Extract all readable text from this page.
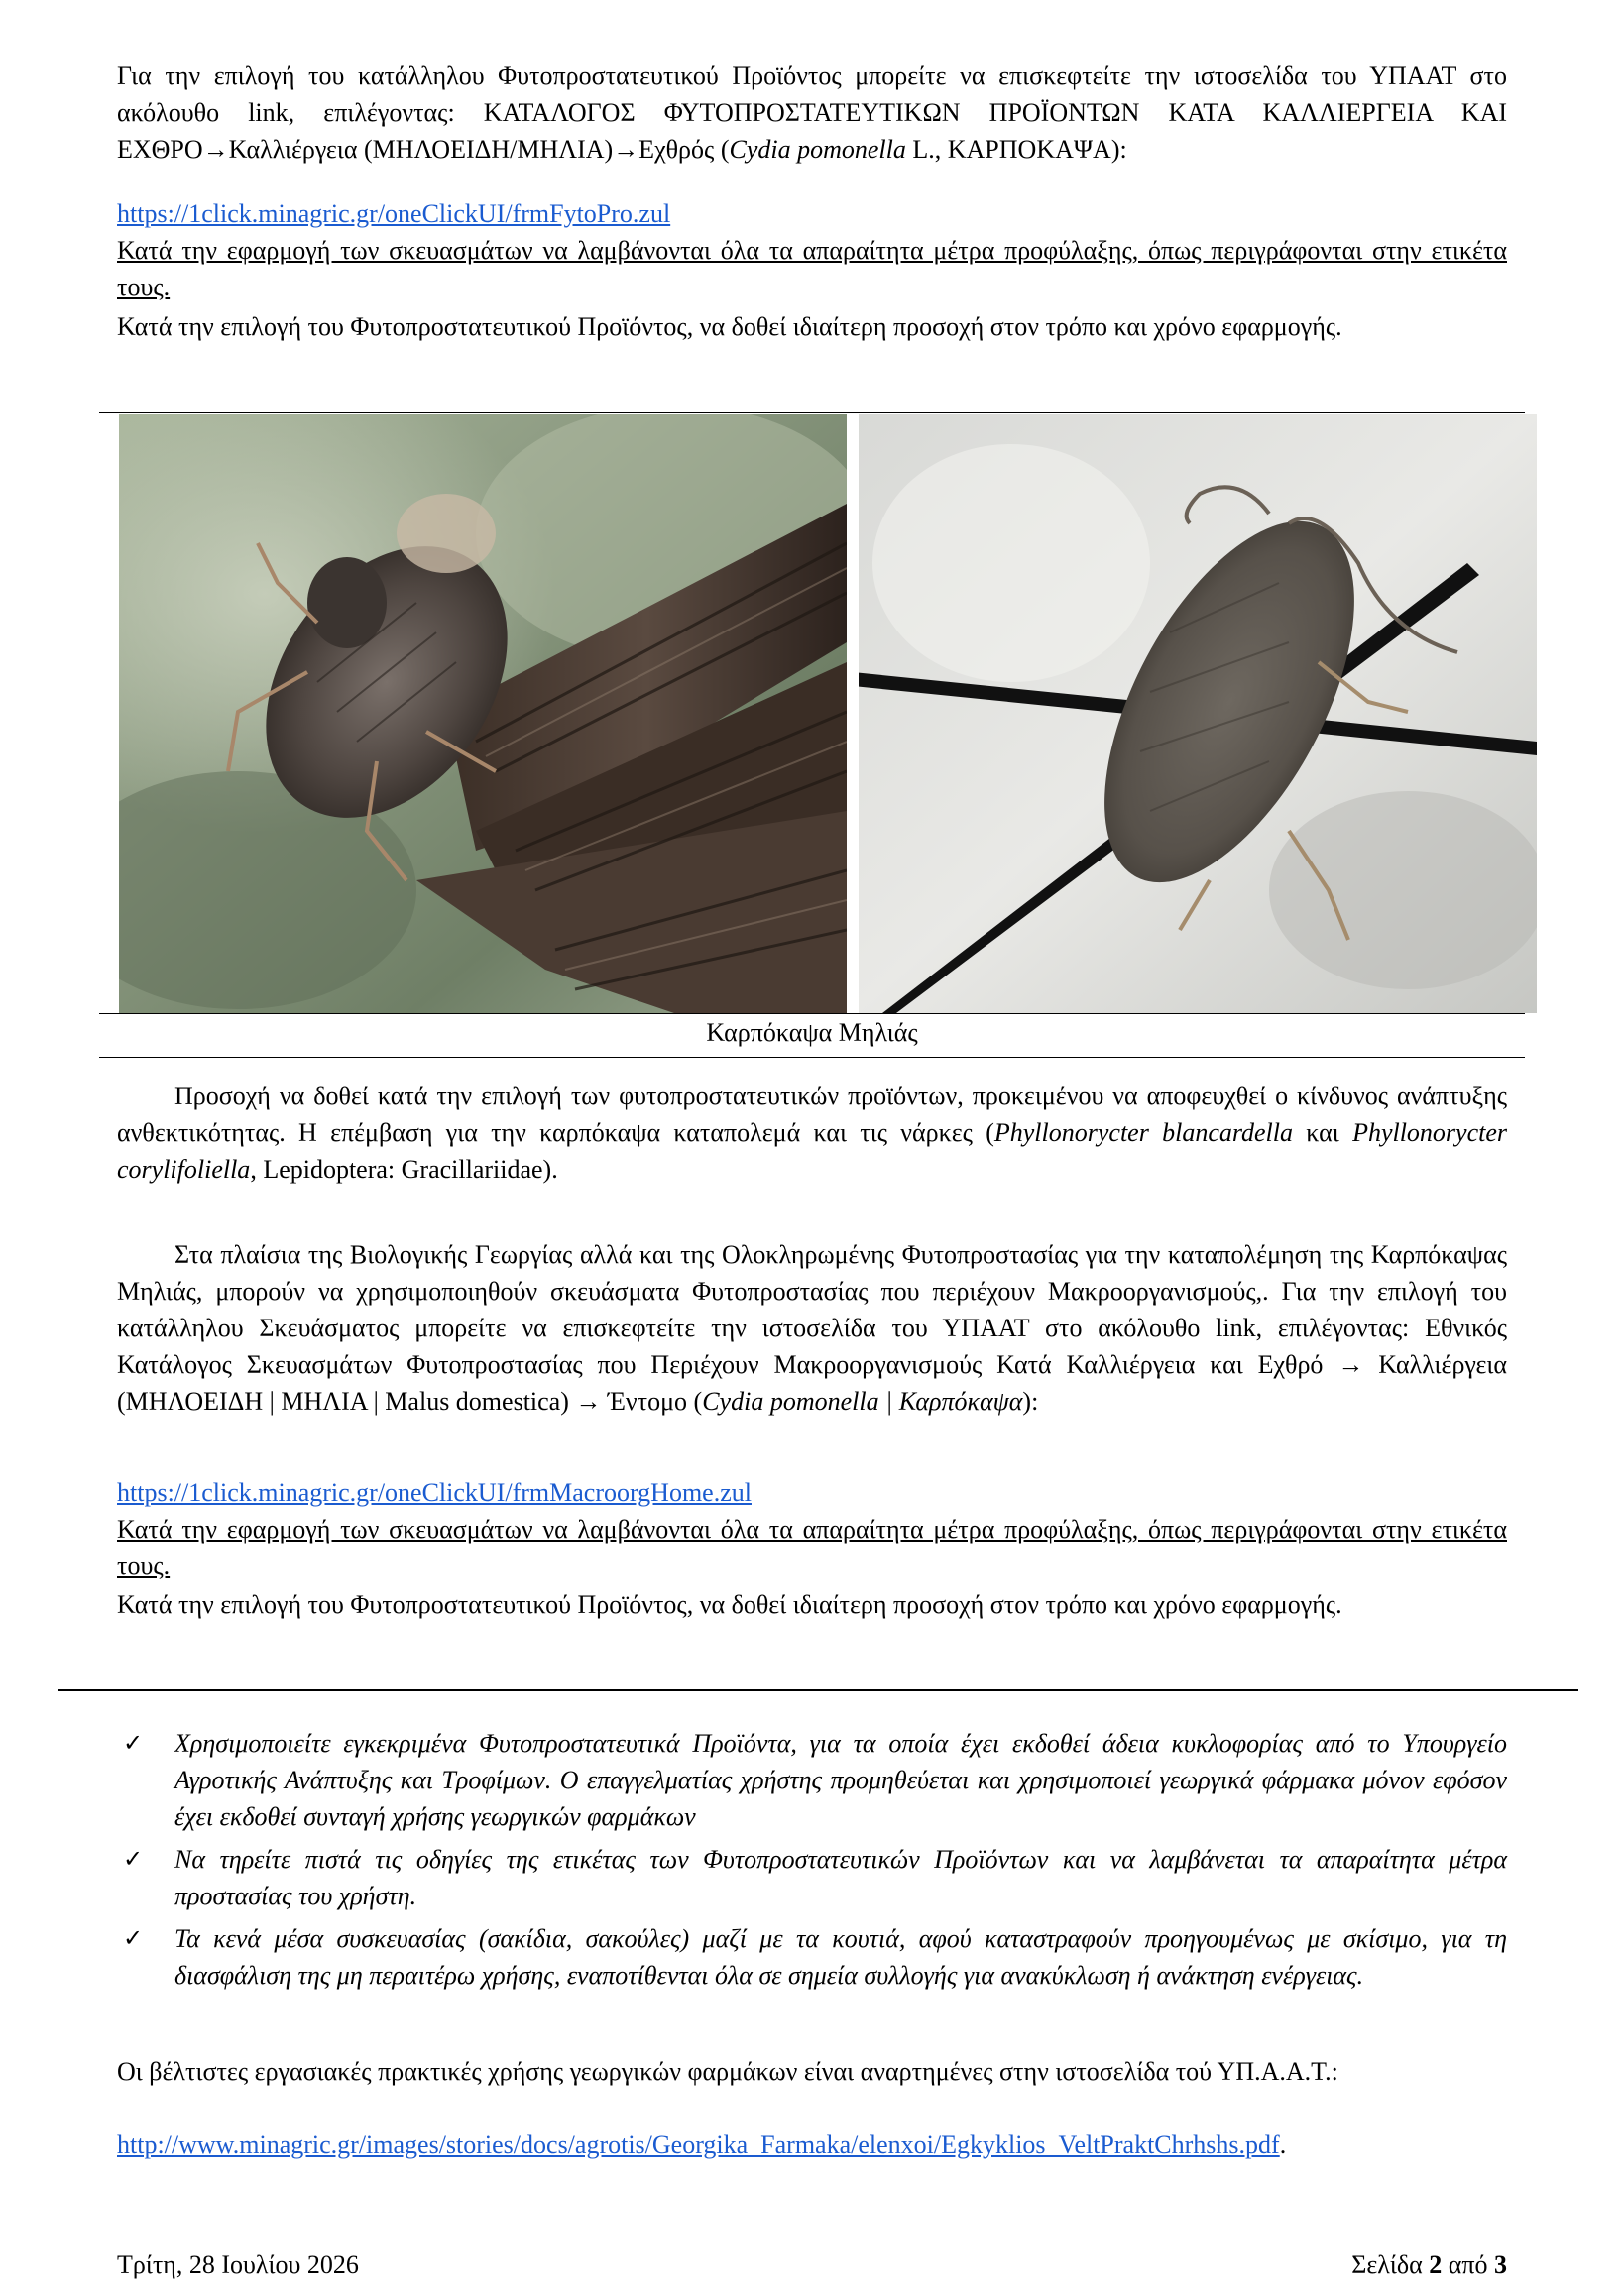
Για την επιλογή του κατάλληλου Φυτοπροστατευτικού Προϊόντος μπορείτε να επισκεφτείτε την ιστοσελίδα του ΥΠΑΑΤ στο ακόλουθο link, επιλέγοντας: ΚΑΤΑΛΟΓΟΣ ΦΥΤΟΠΡΟΣΤΑΤΕΥΤΙΚΩΝ ΠΡΟΪΟΝΤΩΝ ΚΑΤΑ ΚΑΛΛΙΕΡΓΕΙΑ ΚΑΙ ΕΧΘΡΟ→Καλλιέργεια (ΜΗΛΟΕΙΔΗ/ΜΗΛΙΑ)→Εχθρός (Cydia pomonella L., ΚΑΡΠΟΚΑΨΑ):

https://1click.minagric.gr/oneClickUI/frmFytoPro.zul

Κατά την εφαρμογή των σκευασμάτων να λαμβάνονται όλα τα απαραίτητα μέτρα προφύλαξης, όπως περιγράφονται στην ετικέτα τους.

Κατά την επιλογή του Φυτοπροστατευτικού Προϊόντος, να δοθεί ιδιαίτερη προσοχή στον τρόπο και χρόνο εφαρμογής.

Καρπόκαψα Μηλιάς

Προσοχή να δοθεί κατά την επιλογή των φυτοπροστατευτικών προϊόντων, προκειμένου να αποφευχθεί ο κίνδυνος ανάπτυξης ανθεκτικότητας. Η επέμβαση για την καρπόκαψα καταπολεμά και τις νάρκες (Phyllonorycter blancardella και Phyllonorycter corylifoliella, Lepidoptera: Gracillariidae).

Στα πλαίσια της Βιολογικής Γεωργίας αλλά και της Ολοκληρωμένης Φυτοπροστασίας για την καταπολέμηση της Καρπόκαψας Μηλιάς, μπορούν να χρησιμοποιηθούν σκευάσματα Φυτοπροστασίας που περιέχουν Μακροοργανισμούς,. Για την επιλογή του κατάλληλου Σκευάσματος μπορείτε να επισκεφτείτε την ιστοσελίδα του ΥΠΑΑΤ στο ακόλουθο link, επιλέγοντας: Εθνικός Κατάλογος Σκευασμάτων Φυτοπροστασίας που Περιέχουν Μακροοργανισμούς Κατά Καλλιέργεια και Εχθρό → Καλλιέργεια (ΜΗΛΟΕΙΔΗ | ΜΗΛΙΑ | Malus domestica) → Έντομο (Cydia pomonella | Καρπόκαψα):

https://1click.minagric.gr/oneClickUI/frmMacroorgHome.zul

Κατά την εφαρμογή των σκευασμάτων να λαμβάνονται όλα τα απαραίτητα μέτρα προφύλαξης, όπως περιγράφονται στην ετικέτα τους.

Κατά την επιλογή του Φυτοπροστατευτικού Προϊόντος, να δοθεί ιδιαίτερη προσοχή στον τρόπο και χρόνο εφαρμογής.

✓ Χρησιμοποιείτε εγκεκριμένα Φυτοπροστατευτικά Προϊόντα, για τα οποία έχει εκδοθεί άδεια κυκλοφορίας από το Υπουργείο Αγροτικής Ανάπτυξης και Τροφίμων. Ο επαγγελματίας χρήστης προμηθεύεται και χρησιμοποιεί γεωργικά φάρμακα μόνον εφόσον έχει εκδοθεί συνταγή χρήσης γεωργικών φαρμάκων
✓ Να τηρείτε πιστά τις οδηγίες της ετικέτας των Φυτοπροστατευτικών Προϊόντων και να λαμβάνεται τα απαραίτητα μέτρα προστασίας του χρήστη.
✓ Τα κενά μέσα συσκευασίας (σακίδια, σακούλες) μαζί με τα κουτιά, αφού καταστραφούν προηγουμένως με σκίσιμο, για τη διασφάλιση της μη περαιτέρω χρήσης, εναποτίθενται όλα σε σημεία συλλογής για ανακύκλωση ή ανάκτηση ενέργειας.

Οι βέλτιστες εργασιακές πρακτικές χρήσης γεωργικών φαρμάκων είναι αναρτημένες στην ιστοσελίδα τού ΥΠ.Α.Α.Τ.:

http://www.minagric.gr/images/stories/docs/agrotis/Georgika_Farmaka/elenxoi/Egkyklios_VeltPraktChrhshs.pdf.

Τρίτη, 28 Ιουλίου 2026	Σελίδα 2 από 3
